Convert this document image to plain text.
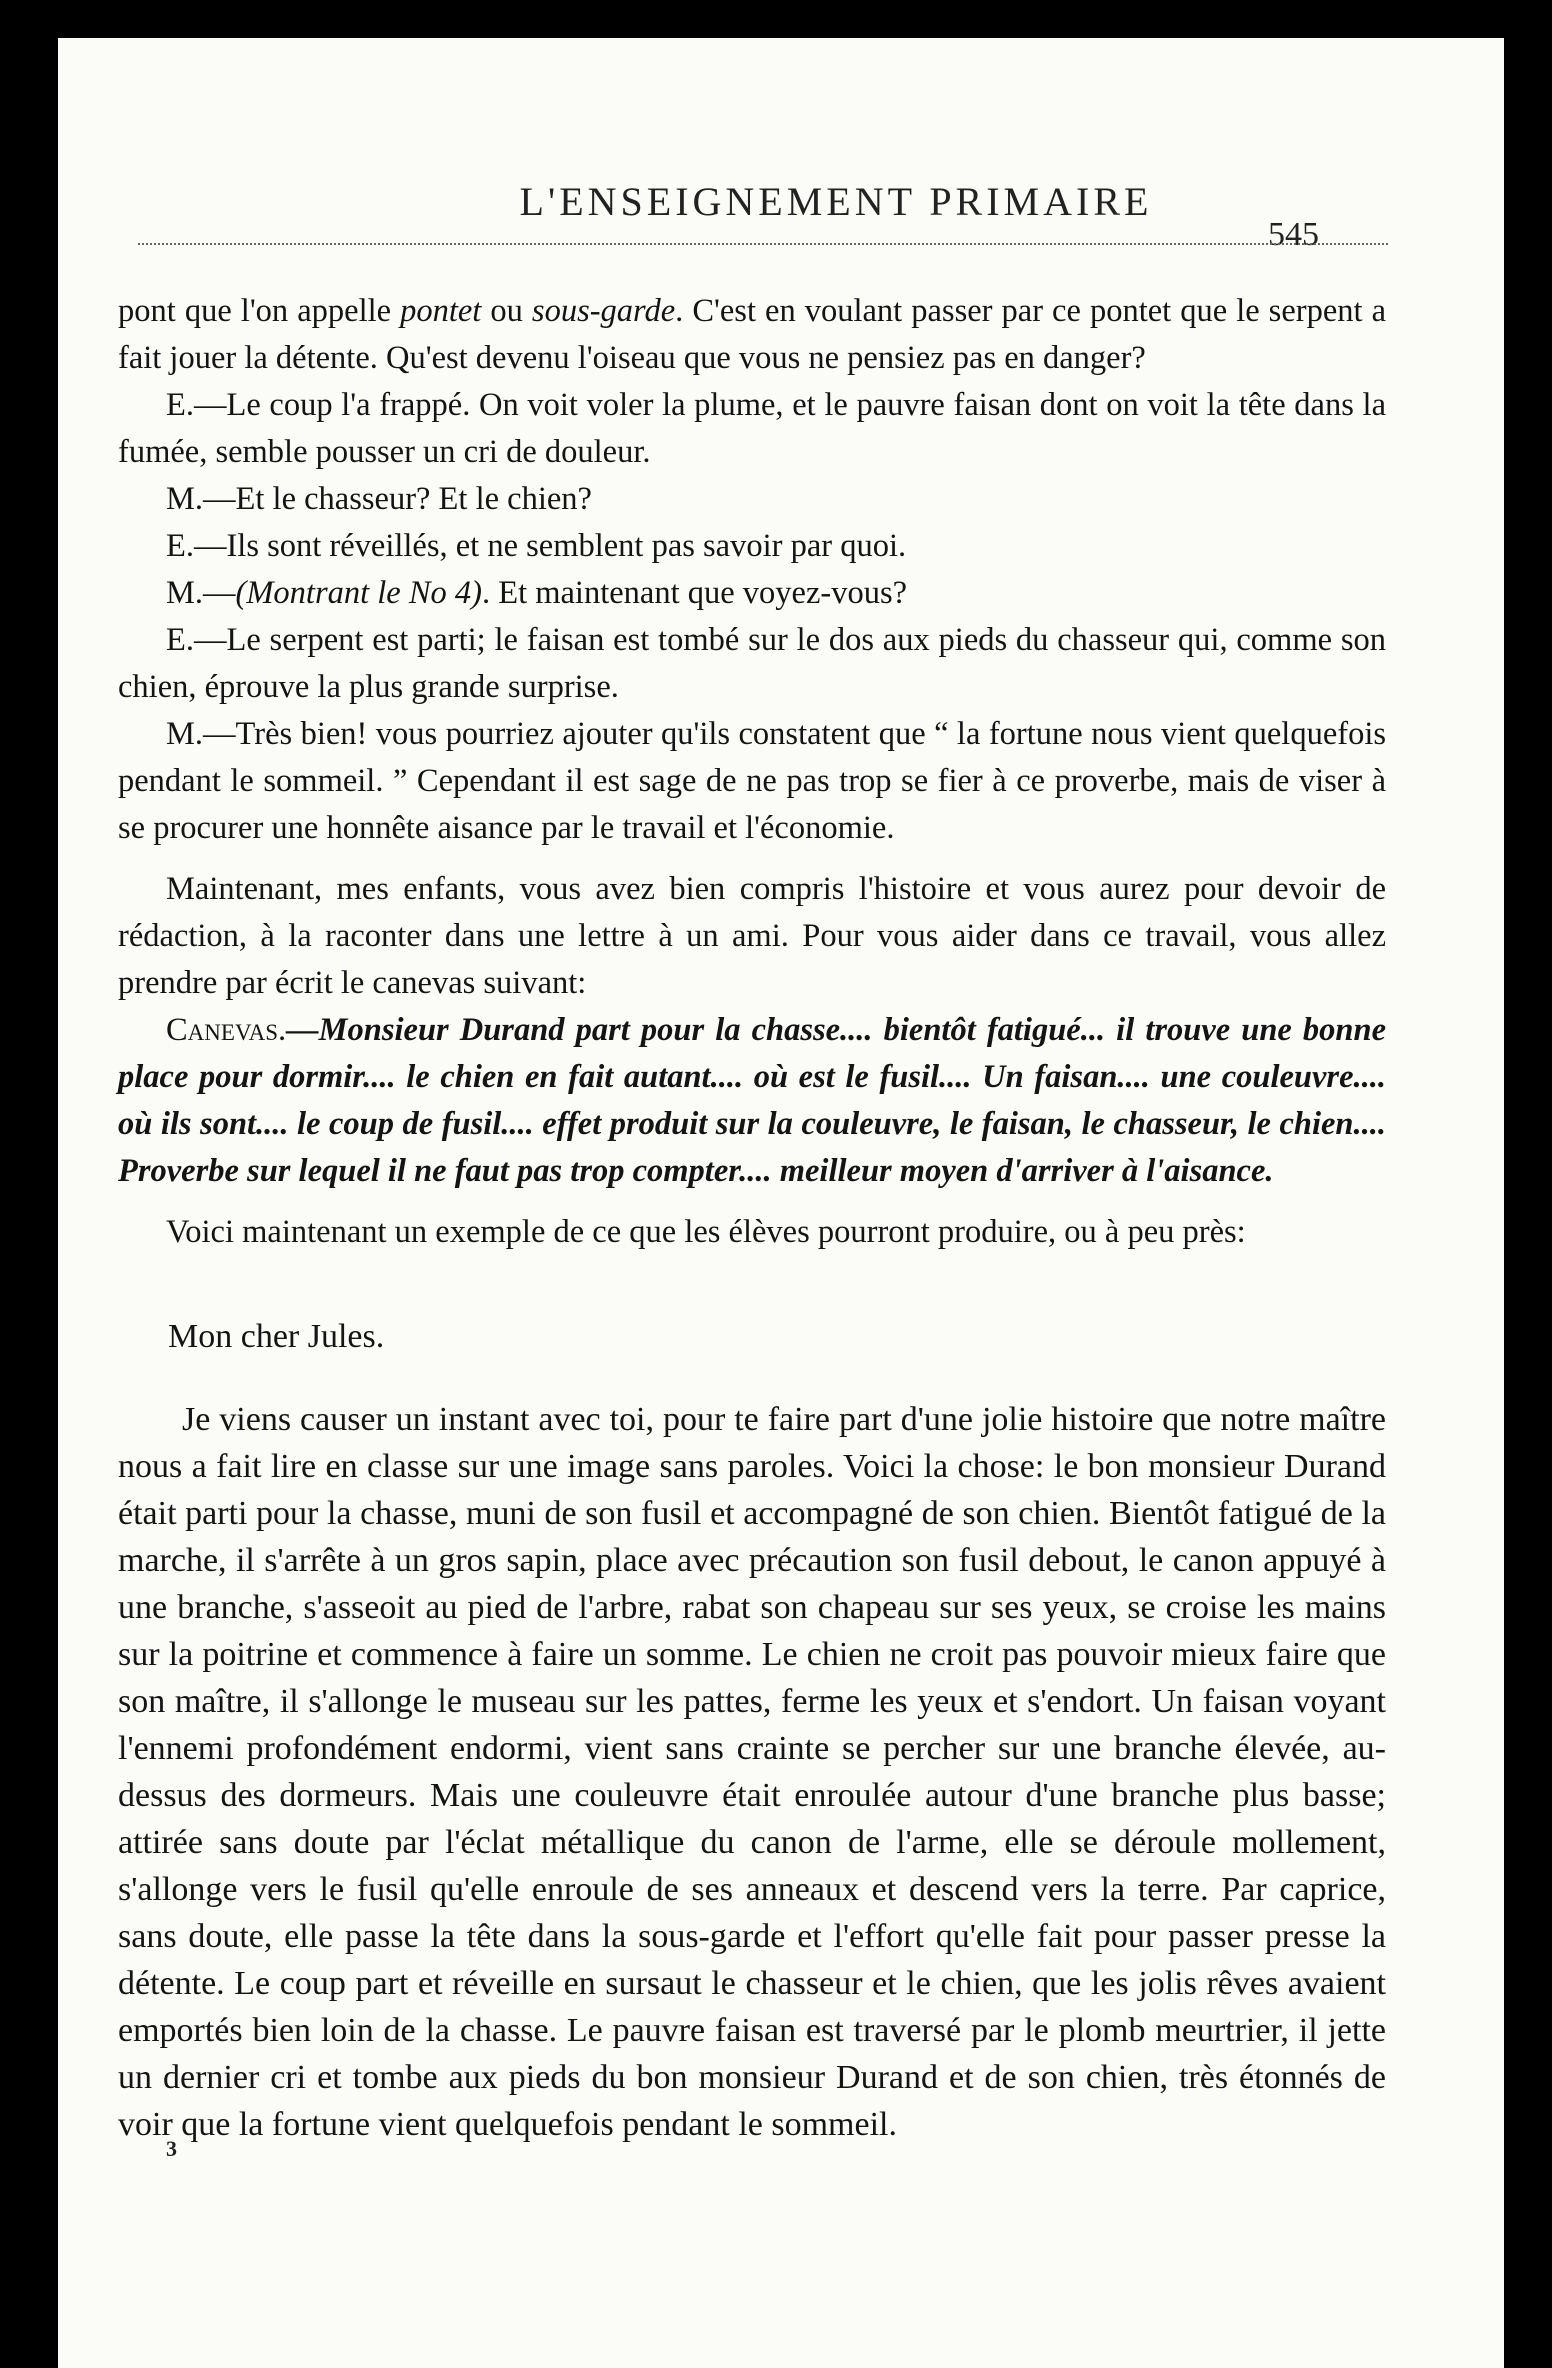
L'ENSEIGNEMENT PRIMAIRE
545

pont que l'on appelle pontet ou sous-garde. C'est en voulant passer par ce pontet que le serpent a fait jouer la détente. Qu'est devenu l'oiseau que vous ne pensiez pas en danger?

E.—Le coup l'a frappé. On voit voler la plume, et le pauvre faisan dont on voit la tête dans la fumée, semble pousser un cri de douleur.

M.—Et le chasseur? Et le chien?

E.—Ils sont réveillés, et ne semblent pas savoir par quoi.

M.—(Montrant le No 4). Et maintenant que voyez-vous?

E.—Le serpent est parti; le faisan est tombé sur le dos aux pieds du chasseur qui, comme son chien, éprouve la plus grande surprise.

M.—Très bien! vous pourriez ajouter qu'ils constatent que “ la fortune nous vient quelquefois pendant le sommeil. ” Cependant il est sage de ne pas trop se fier à ce proverbe, mais de viser à se procurer une honnête aisance par le travail et l'économie.

Maintenant, mes enfants, vous avez bien compris l'histoire et vous aurez pour devoir de rédaction, à la raconter dans une lettre à un ami. Pour vous aider dans ce travail, vous allez prendre par écrit le canevas suivant:

Canevas.—Monsieur Durand part pour la chasse.... bientôt fatigué... il trouve une bonne place pour dormir.... le chien en fait autant.... où est le fusil.... Un faisan.... une couleuvre.... où ils sont.... le coup de fusil.... effet produit sur la couleuvre, le faisan, le chasseur, le chien.... Proverbe sur lequel il ne faut pas trop compter.... meilleur moyen d'arriver à l'aisance.

Voici maintenant un exemple de ce que les élèves pourront produire, ou à peu près:

Mon cher Jules.

Je viens causer un instant avec toi, pour te faire part d'une jolie histoire que notre maître nous a fait lire en classe sur une image sans paroles. Voici la chose: le bon monsieur Durand était parti pour la chasse, muni de son fusil et accompagné de son chien. Bientôt fatigué de la marche, il s'arrête à un gros sapin, place avec précaution son fusil debout, le canon appuyé à une branche, s'asseoit au pied de l'arbre, rabat son chapeau sur ses yeux, se croise les mains sur la poitrine et commence à faire un somme. Le chien ne croit pas pouvoir mieux faire que son maître, il s'allonge le museau sur les pattes, ferme les yeux et s'endort. Un faisan voyant l'ennemi profondément endormi, vient sans crainte se percher sur une branche élevée, au-dessus des dormeurs. Mais une couleuvre était enroulée autour d'une branche plus basse; attirée sans doute par l'éclat métallique du canon de l'arme, elle se déroule mollement, s'allonge vers le fusil qu'elle enroule de ses anneaux et descend vers la terre. Par caprice, sans doute, elle passe la tête dans la sous-garde et l'effort qu'elle fait pour passer presse la détente. Le coup part et réveille en sursaut le chasseur et le chien, que les jolis rêves avaient emportés bien loin de la chasse. Le pauvre faisan est traversé par le plomb meurtrier, il jette un dernier cri et tombe aux pieds du bon monsieur Durand et de son chien, très étonnés de voir que la fortune vient quelquefois pendant le sommeil.

3
